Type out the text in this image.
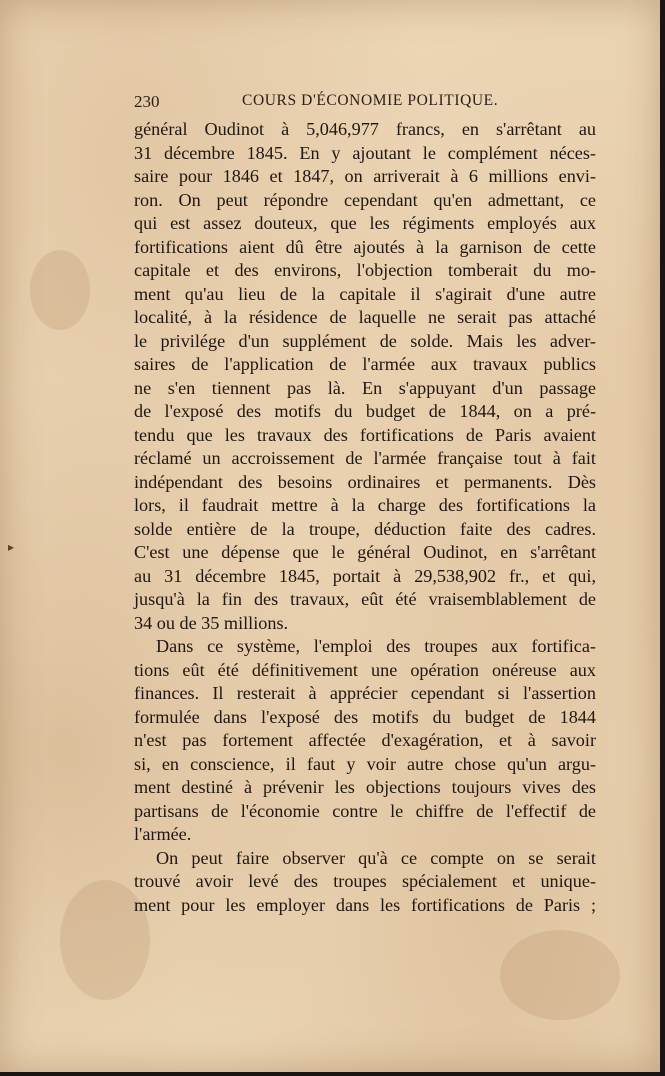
▸
230	COURS D'ÉCONOMIE POLITIQUE.
général Oudinot à 5,046,977 francs, en s'arrêtant au
31 décembre 1845. En y ajoutant le complément néces-
saire pour 1846 et 1847, on arriverait à 6 millions envi-
ron. On peut répondre cependant qu'en admettant, ce
qui est assez douteux, que les régiments employés aux
fortifications aient dû être ajoutés à la garnison de cette
capitale et des environs, l'objection tomberait du mo-
ment qu'au lieu de la capitale il s'agirait d'une autre
localité, à la résidence de laquelle ne serait pas attaché
le privilége d'un supplément de solde. Mais les adver-
saires de l'application de l'armée aux travaux publics
ne s'en tiennent pas là. En s'appuyant d'un passage
de l'exposé des motifs du budget de 1844, on a pré-
tendu que les travaux des fortifications de Paris avaient
réclamé un accroissement de l'armée française tout à fait
indépendant des besoins ordinaires et permanents. Dès
lors, il faudrait mettre à la charge des fortifications la
solde entière de la troupe, déduction faite des cadres.
C'est une dépense que le général Oudinot, en s'arrêtant
au 31 décembre 1845, portait à 29,538,902 fr., et qui,
jusqu'à la fin des travaux, eût été vraisemblablement de
34 ou de 35 millions.
Dans ce système, l'emploi des troupes aux fortifica-
tions eût été définitivement une opération onéreuse aux
finances. Il resterait à apprécier cependant si l'assertion
formulée dans l'exposé des motifs du budget de 1844
n'est pas fortement affectée d'exagération, et à savoir
si, en conscience, il faut y voir autre chose qu'un argu-
ment destiné à prévenir les objections toujours vives des
partisans de l'économie contre le chiffre de l'effectif de
l'armée.
On peut faire observer qu'à ce compte on se serait
trouvé avoir levé des troupes spécialement et unique-
ment pour les employer dans les fortifications de Paris ;
